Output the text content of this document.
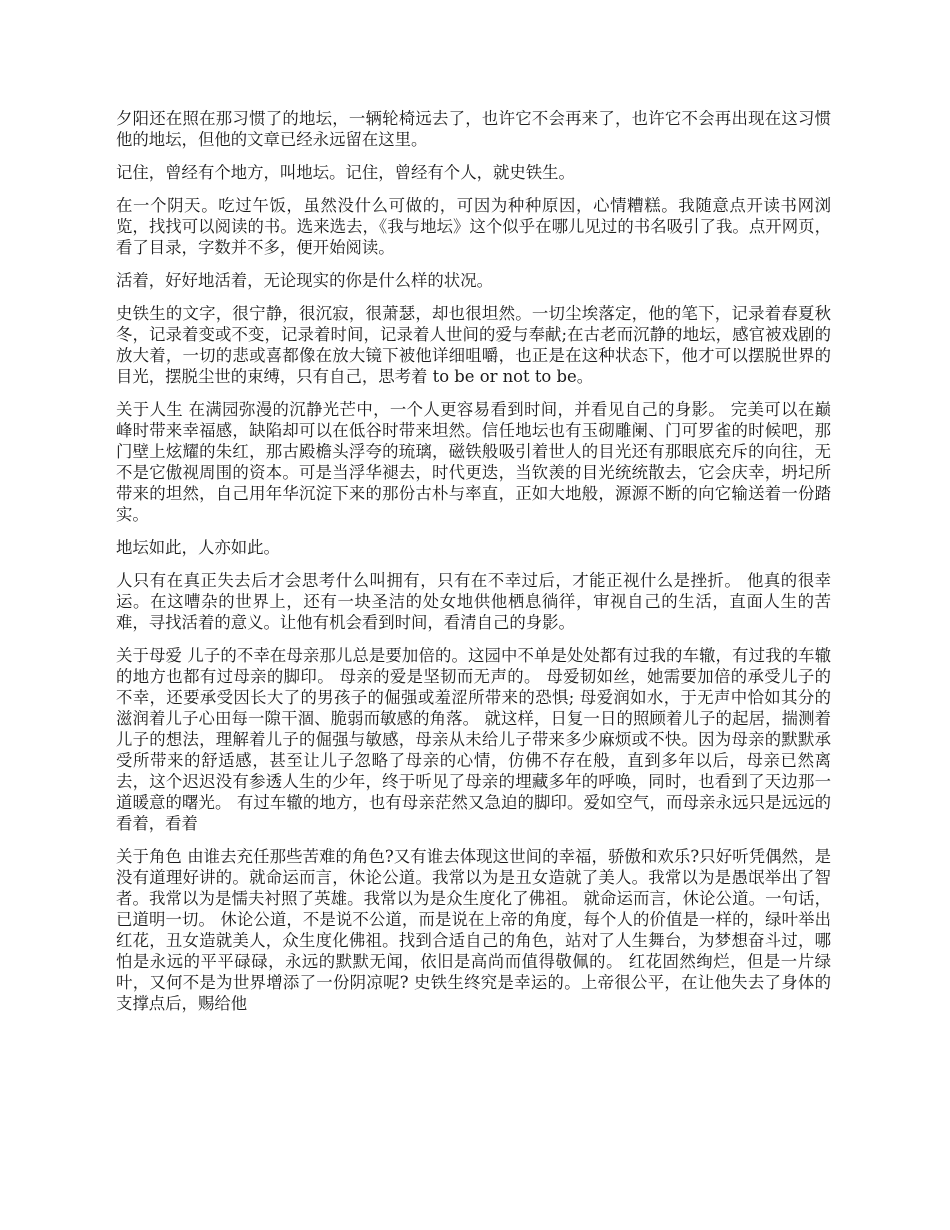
夕阳还在照在那习惯了的地坛，一辆轮椅远去了，也许它不会再来了，也许它不会再出现在这习惯他的地坛，但他的文章已经永远留在这里。

记住，曾经有个地方，叫地坛。记住，曾经有个人，就史铁生。

在一个阴天。吃过午饭，虽然没什么可做的，可因为种种原因，心情糟糕。我随意点开读书网浏览，找找可以阅读的书。选来选去，《我与地坛》这个似乎在哪儿见过的书名吸引了我。点开网页，看了目录，字数并不多，便开始阅读。

活着，好好地活着，无论现实的你是什么样的状况。

史铁生的文字，很宁静，很沉寂，很萧瑟，却也很坦然。一切尘埃落定，他的笔下，记录着春夏秋冬，记录着变或不变，记录着时间，记录着人世间的爱与奉献;在古老而沉静的地坛，感官被戏剧的放大着，一切的悲或喜都像在放大镜下被他详细咀嚼，也正是在这种状态下，他才可以摆脱世界的目光，摆脱尘世的束缚，只有自己，思考着 to be or not to be。

关于人生 在满园弥漫的沉静光芒中，一个人更容易看到时间，并看见自己的身影。 完美可以在巅峰时带来幸福感，缺陷却可以在低谷时带来坦然。信任地坛也有玉砌雕阑、门可罗雀的时候吧，那门壁上炫耀的朱红，那古殿檐头浮夸的琉璃，磁铁般吸引着世人的目光还有那眼底充斥的向往，无不是它傲视周围的资本。可是当浮华褪去，时代更迭，当钦羡的目光统统散去，它会庆幸，坍圮所带来的坦然，自己用年华沉淀下来的那份古朴与率直，正如大地般，源源不断的向它输送着一份踏实。

地坛如此，人亦如此。

人只有在真正失去后才会思考什么叫拥有，只有在不幸过后，才能正视什么是挫折。 他真的很幸运。在这嘈杂的世界上，还有一块圣洁的处女地供他栖息徜徉，审视自己的生活，直面人生的苦难，寻找活着的意义。让他有机会看到时间，看清自己的身影。

关于母爱 儿子的不幸在母亲那儿总是要加倍的。这园中不单是处处都有过我的车辙，有过我的车辙的地方也都有过母亲的脚印。 母亲的爱是坚韧而无声的。 母爱韧如丝，她需要加倍的承受儿子的不幸，还要承受因长大了的男孩子的倔强或羞涩所带来的恐惧; 母爱润如水，于无声中恰如其分的滋润着儿子心田每一隙干涸、脆弱而敏感的角落。 就这样，日复一日的照顾着儿子的起居，揣测着儿子的想法，理解着儿子的倔强与敏感，母亲从未给儿子带来多少麻烦或不快。因为母亲的默默承受所带来的舒适感，甚至让儿子忽略了母亲的心情，仿佛不存在般，直到多年以后，母亲已然离去，这个迟迟没有参透人生的少年，终于听见了母亲的埋藏多年的呼唤，同时，也看到了天边那一道暖意的曙光。 有过车辙的地方，也有母亲茫然又急迫的脚印。爱如空气，而母亲永远只是远远的看着，看着

关于角色 由谁去充任那些苦难的角色?又有谁去体现这世间的幸福，骄傲和欢乐?只好听凭偶然，是没有道理好讲的。就命运而言，休论公道。我常以为是丑女造就了美人。我常以为是愚氓举出了智者。我常以为是懦夫衬照了英雄。我常以为是众生度化了佛祖。 就命运而言，休论公道。一句话，已道明一切。 休论公道，不是说不公道，而是说在上帝的角度，每个人的价值是一样的，绿叶举出红花，丑女造就美人，众生度化佛祖。找到合适自己的角色，站对了人生舞台，为梦想奋斗过，哪怕是永远的平平碌碌，永远的默默无闻，依旧是高尚而值得敬佩的。 红花固然绚烂，但是一片绿叶，又何不是为世界增添了一份阴凉呢? 史铁生终究是幸运的。上帝很公平，在让他失去了身体的支撑点后，赐给他
